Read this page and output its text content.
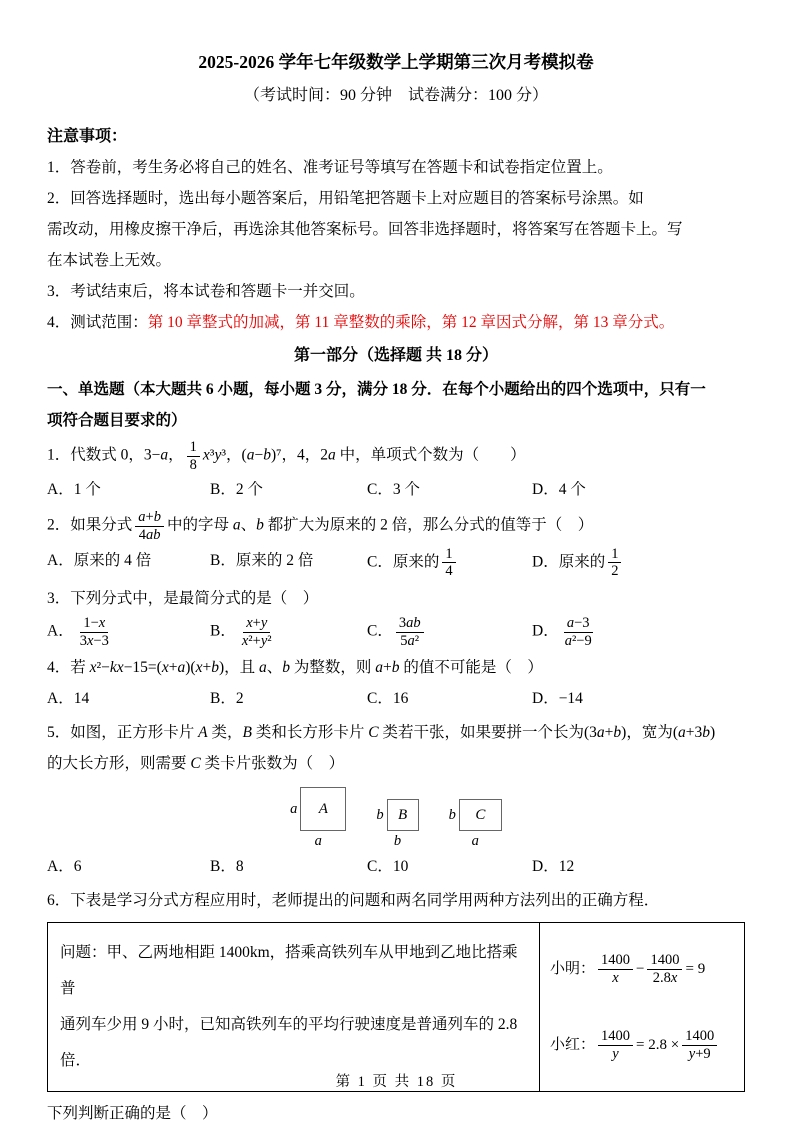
2025-2026 学年七年级数学上学期第三次月考模拟卷
（考试时间：90 分钟　试卷满分：100 分）
注意事项：
1．答卷前，考生务必将自己的姓名、准考证号等填写在答题卡和试卷指定位置上。
2．回答选择题时，选出每小题答案后，用铅笔把答题卡上对应题目的答案标号涂黑。如
需改动，用橡皮擦干净后，再选涂其他答案标号。回答非选择题时，将答案写在答题卡上。写
在本试卷上无效。
3．考试结束后，将本试卷和答题卡一并交回。
4．测试范围：第 10 章整式的加减，第 11 章整数的乘除，第 12 章因式分解，第 13 章分式。
第一部分（选择题 共 18 分）
一、单选题（本大题共 6 小题，每小题 3 分，满分 18 分．在每个小题给出的四个选项中，只有一
项符合题目要求的）
1．代数式 0，3−a， $\frac{1}{8} x^3y^3$，(a−b)⁷，4，2a 中，单项式个数为（　　）
A．1 个	B．2 个	C．3 个	D．4 个
2．如果分式 $\frac{a+b}{4ab}$ 中的字母 a、b 都扩大为原来的 2 倍，那么分式的值等于（　）
A．原来的 4 倍	B．原来的 2 倍	C．原来的 $\frac{1}{4}$	D．原来的 $\frac{1}{2}$
3．下列分式中，是最简分式的是（　）
A． $\frac{1-x}{3x-3}$	B． $\frac{x+y}{\text{x²+y²}}$	C． $\frac{3ab}{\text{5a²}}$	D． $\frac{a-3}{\text{a²−9}}$
4．若 x²−kx−15=(x+a)(x+b)，且 a、b 为整数，则 a+b 的值不可能是（　）
A．14	B．2	C．16	D．−14
5．如图，正方形卡片 A 类，B 类和长方形卡片 C 类若干张，如果要拼一个长为(3a+b)，宽为(a+3b)
的大长方形，则需要 C 类卡片张数为（　）
a A
a
b B
b
b C
a
A．6	B．8	C．10	D．12
6．下表是学习分式方程应用时，老师提出的问题和两名同学用两种方法列出的正确方程．
问题：甲、乙两地相距 1400km，搭乘高铁列车从甲地到乙地比搭乘普
通列车少用 9 小时，已知高铁列车的平均行驶速度是普通列车的 2.8 倍．
小明： $\frac{1400}{x} - \frac{1400}{2.8x} = 9$
小红： $\frac{1400}{y} = 2.8 \times \frac{1400}{y+9}$
下列判断正确的是（　）
第 1 页 共 18 页
